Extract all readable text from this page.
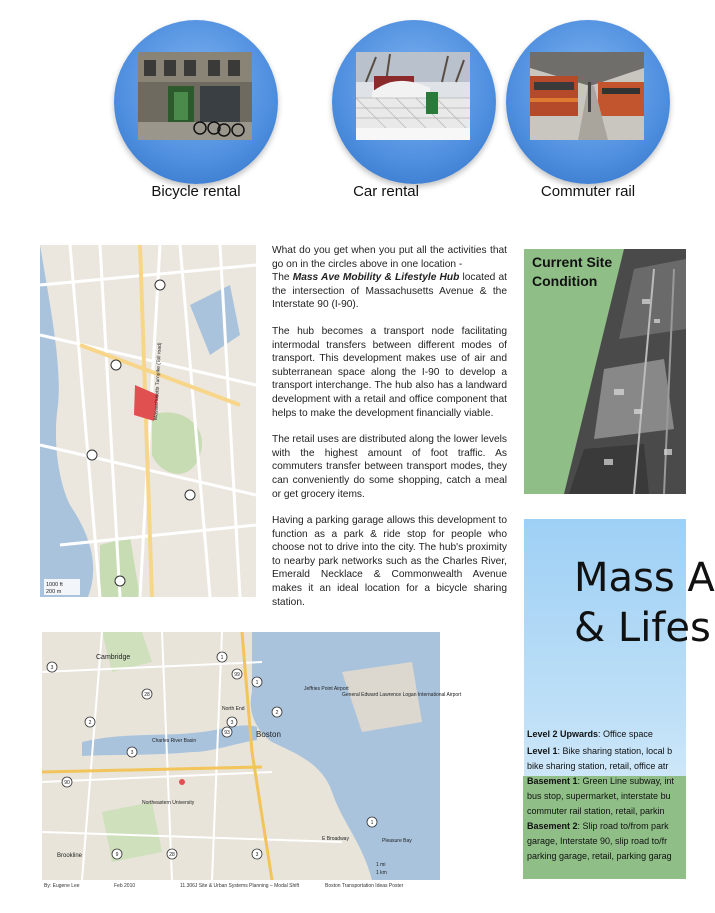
Bicycle rental	Car rental	Commuter rail
1000 ft
200 m
Massachusetts Turnpike (Toll road)

What do you get when you put all the activities that go on in the circles above in one location -
The Mass Ave Mobility & Lifestyle Hub located at the intersection of Massachusetts Avenue & the Interstate 90 (I-90).

The hub becomes a transport node facilitating intermodal transfers between different modes of transport. This development makes use of air and subterranean space along the I-90 to develop a transport interchange. The hub also has a landward development with a retail and office component that helps to make the development financially viable.

The retail uses are distributed along the lower levels with the highest amount of foot traffic. As commuters transfer between transport modes, they can conveniently do some shopping, catch a meal or get grocery items.

Having a parking garage allows this development to function as a park & ride stop for people who choose not to drive into the city. The hub's proximity to nearby park networks such as the Charles River, Emerald Necklace & Commonwealth Avenue makes it an ideal location for a bicycle sharing station.

Current Site Condition
Mass A
& Lifes
Level 2 Upwards: Office space
Level 1: Bike sharing station, local b
bike sharing station, retail, office atr
Basement 1: Green Line subway, int
bus stop, supermarket, interstate bu
commuter rail station, retail, parkin
Basement 2: Slip road to/from park
garage, Interstate 90, slip road to/fr
parking garage, retail, parking garag
Cambridge
Boston
North End
Charles River Basin
Northeastern University
Brookline
General Edward Lawrence Logan International Airport
Jeffries Point Airport
Pleasure Bay
E Broadway
1 mi
1 km
3
2
28
99
1
1
3
90
3
93
9	28	3
1
2
By: Eugene Lee	Feb 2010	11.306J Site & Urban Systems Planning – Modal Shift	Boston Transportation Ideas Poster
